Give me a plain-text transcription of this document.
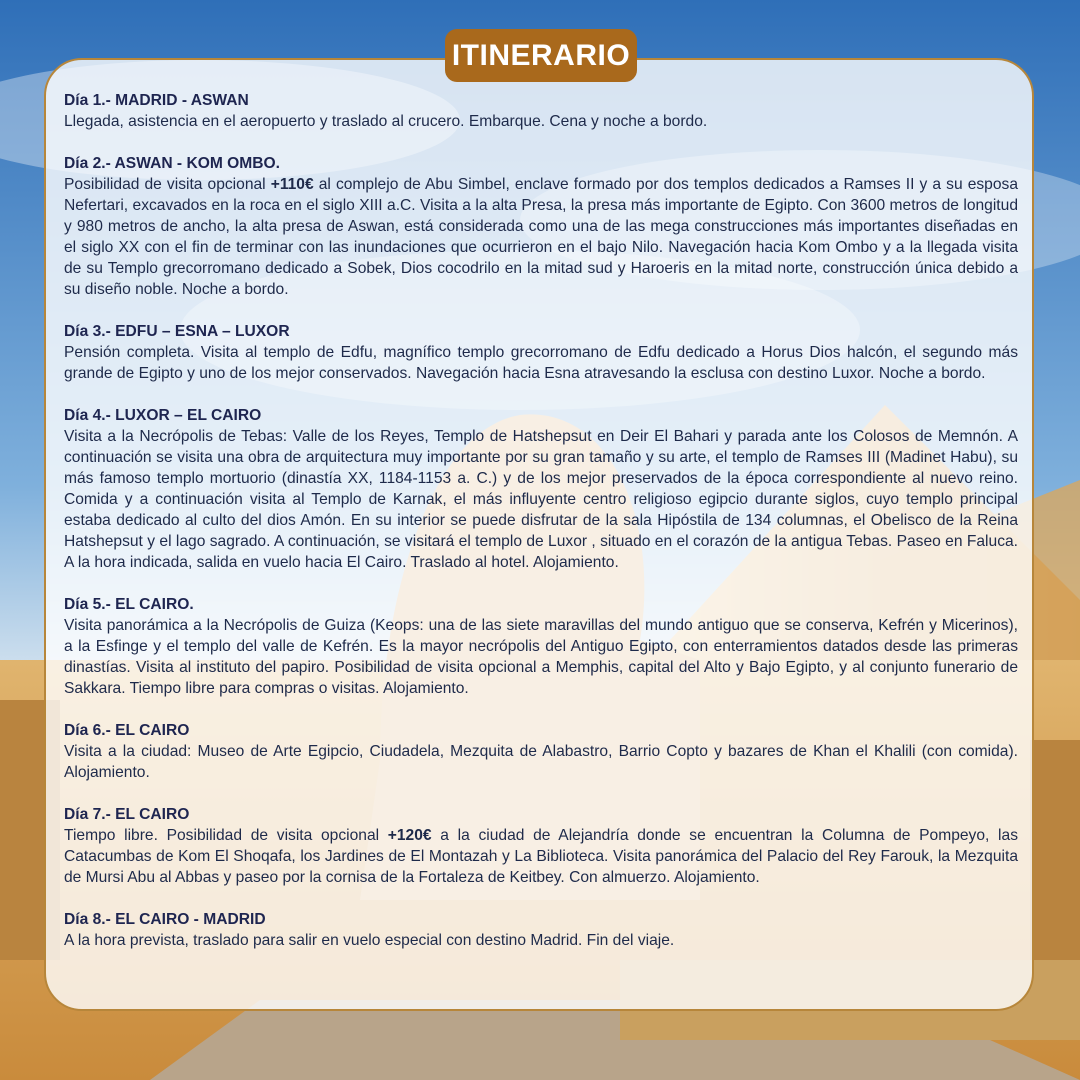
ITINERARIO
Día 1.- MADRID - ASWAN
Llegada, asistencia en el aeropuerto y traslado al crucero. Embarque. Cena y noche a bordo.
Día 2.- ASWAN - KOM OMBO.
Posibilidad de visita opcional +110€ al complejo de Abu Simbel, enclave formado por dos templos dedicados a Ramses II y a su esposa Nefertari, excavados en la roca en el siglo XIII a.C. Visita a la alta Presa, la presa más importante de Egipto. Con 3600 metros de longitud y 980 metros de ancho, la alta presa de Aswan, está considerada como una de las mega construcciones más importantes diseñadas en el siglo XX con el fin de terminar con las inundaciones que ocurrieron en el bajo Nilo. Navegación hacia Kom Ombo y a la llegada visita de su Templo grecorromano dedicado a Sobek, Dios cocodrilo en la mitad sud y Haroeris en la mitad norte, construcción única debido a su diseño noble. Noche a bordo.
Día 3.- EDFU – ESNA – LUXOR
Pensión completa. Visita al templo de Edfu, magnífico templo grecorromano de Edfu dedicado a Horus Dios halcón, el segundo más grande de Egipto y uno de los mejor conservados. Navegación hacia Esna atravesando la esclusa con destino Luxor. Noche a bordo.
Día 4.- LUXOR – EL CAIRO
Visita a la Necrópolis de Tebas: Valle de los Reyes, Templo de Hatshepsut en Deir El Bahari y parada ante los Colosos de Memnón. A continuación se visita una obra de arquitectura muy importante por su gran tamaño y su arte, el templo de Ramses III (Madinet Habu), su más famoso templo mortuorio (dinastía XX, 1184-1153 a. C.) y de los mejor preservados de la época correspondiente al nuevo reino. Comida y a continuación visita al Templo de Karnak, el más influyente centro religioso egipcio durante siglos, cuyo templo principal estaba dedicado al culto del dios Amón. En su interior se puede disfrutar de la sala Hipóstila de 134 columnas, el Obelisco de la Reina Hatshepsut y el lago sagrado. A continuación, se visitará el templo de Luxor , situado en el corazón de la antigua Tebas. Paseo en Faluca. A la hora indicada, salida en vuelo hacia El Cairo. Traslado al hotel. Alojamiento.
Día 5.- EL CAIRO.
Visita panorámica a la Necrópolis de Guiza (Keops: una de las siete maravillas del mundo antiguo que se conserva, Kefrén y Micerinos), a la Esfinge y el templo del valle de Kefrén. Es la mayor necrópolis del Antiguo Egipto, con enterramientos datados desde las primeras dinastías. Visita al instituto del papiro. Posibilidad de visita opcional a Memphis, capital del Alto y Bajo Egipto, y al conjunto funerario de Sakkara. Tiempo libre para compras o visitas. Alojamiento.
Día 6.- EL CAIRO
Visita a la ciudad: Museo de Arte Egipcio, Ciudadela, Mezquita de Alabastro, Barrio Copto y bazares de Khan el Khalili (con comida). Alojamiento.
Día 7.- EL CAIRO
Tiempo libre. Posibilidad de visita opcional +120€ a la ciudad de Alejandría donde se encuentran la Columna de Pompeyo, las Catacumbas de Kom El Shoqafa, los Jardines de El Montazah y La Biblioteca. Visita panorámica del Palacio del Rey Farouk, la Mezquita de Mursi Abu al Abbas y paseo por la cornisa de la Fortaleza de Keitbey. Con almuerzo. Alojamiento.
Día 8.- EL CAIRO - MADRID
A la hora prevista, traslado para salir en vuelo especial con destino Madrid. Fin del viaje.
